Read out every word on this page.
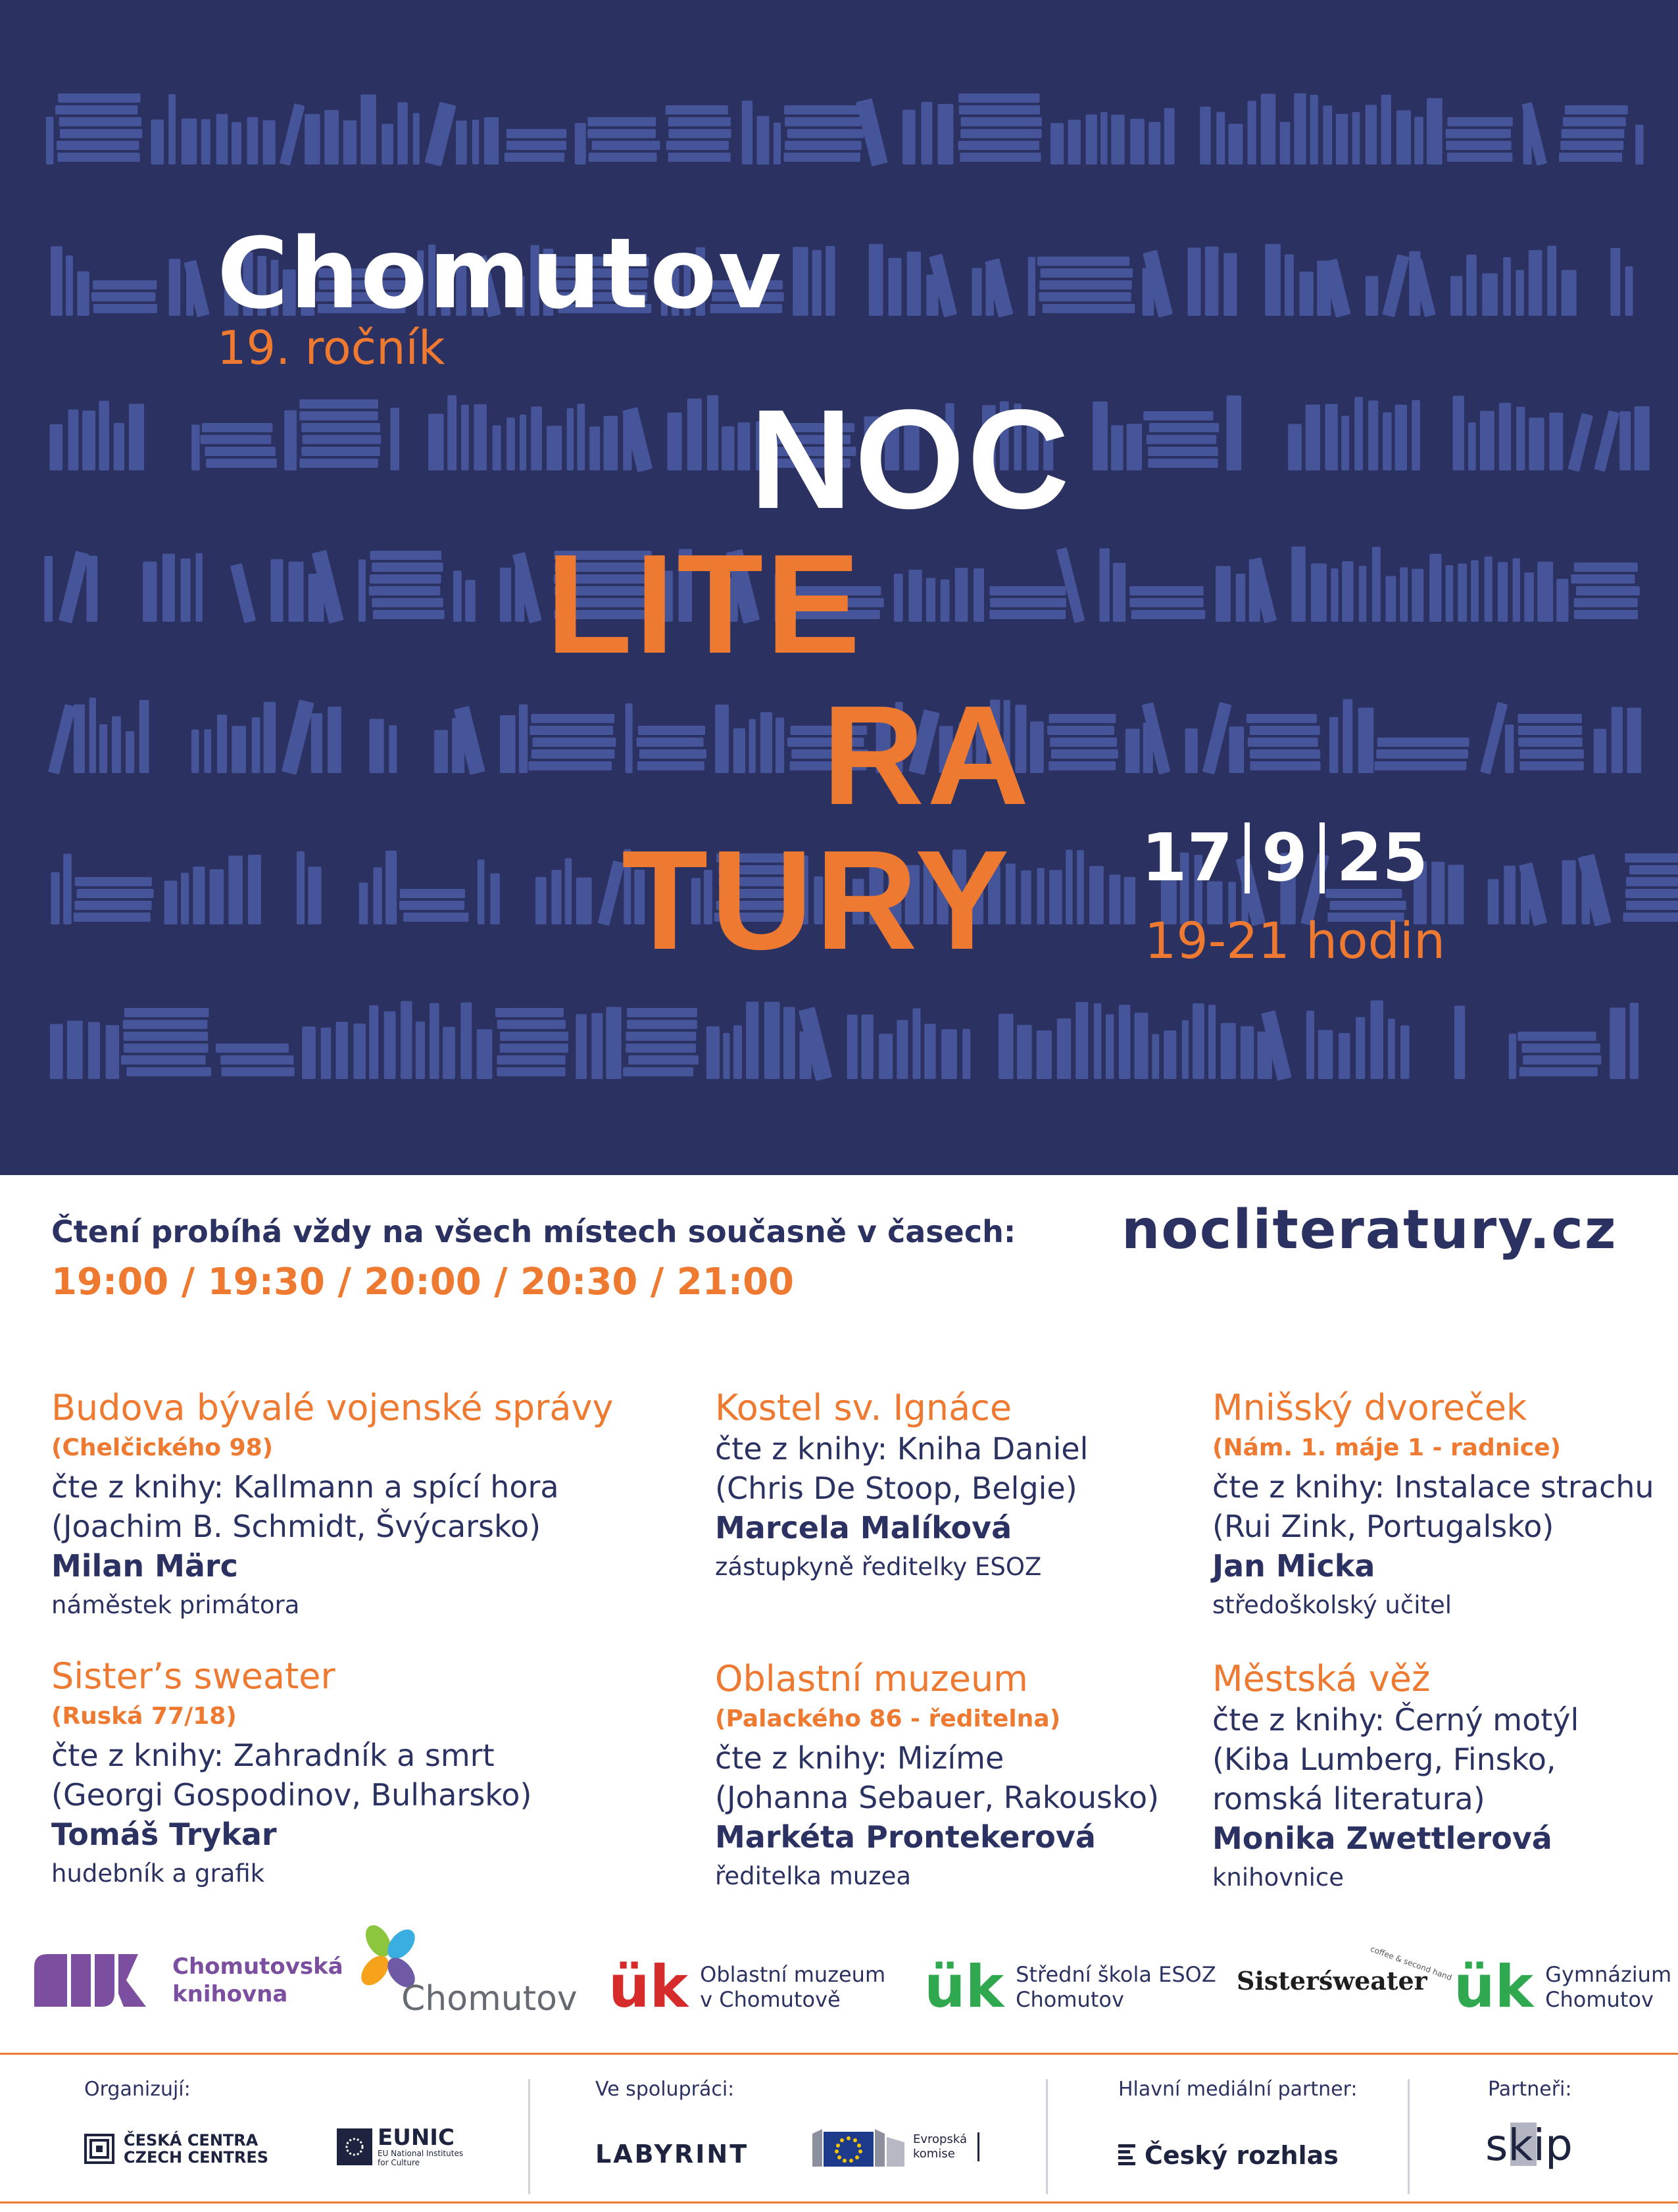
Chomutov
19. ročník
NOC
LITE
RA
TURY 17 9 25
19-21 hodin
Čtení probíhá vždy na všech místech současně v časech:
19:00 / 19:30 / 20:00 / 20:30 / 21:00
nocliteratury.cz
Budova bývalé vojenské správy
(Chelčického 98)
čte z knihy: Kallmann a spící hora
(Joachim B. Schmidt, Švýcarsko)
Milan Märc
náměstek primátora
Kostel sv. Ignáce
čte z knihy: Kniha Daniel
(Chris De Stoop, Belgie)
Marcela Malíková
zástupkyně ředitelky ESOZ
Mnišský dvoreček
(Nám. 1. máje 1 - radnice)
čte z knihy: Instalace strachu
(Rui Zink, Portugalsko)
Jan Micka
středoškolský učitel
Sister’s sweater
(Ruská 77/18)
čte z knihy: Zahradník a smrt
(Georgi Gospodinov, Bulharsko)
Tomáš Trykar
hudebník a grafik
Oblastní muzeum
(Palackého 86 - ředitelna)
čte z knihy: Mizíme
(Johanna Sebauer, Rakousko)
Markéta Prontekerová
ředitelka muzea
Městská věž
čte z knihy: Černý motýl
(Kiba Lumberg, Finsko,
romská literatura)
Monika Zwettlerová
knihovnice
Chomutovská
knihovna	Chomutov ük Oblastní muzeum
v Chomutově	ük Střední škola ESOZ
Chomutov
Sisterśweater
coffee & second hand ük Gymnázium
Chomutov
Organizují:	Ve spolupráci:	Hlavní mediální partner:	Partneři:
ČESKÁ CENTRA
CZECH CENTRES
EUNIC
EU National Institutes
for Culture	LABYRINT
Evropská
komise	Český rozhlas	skip
